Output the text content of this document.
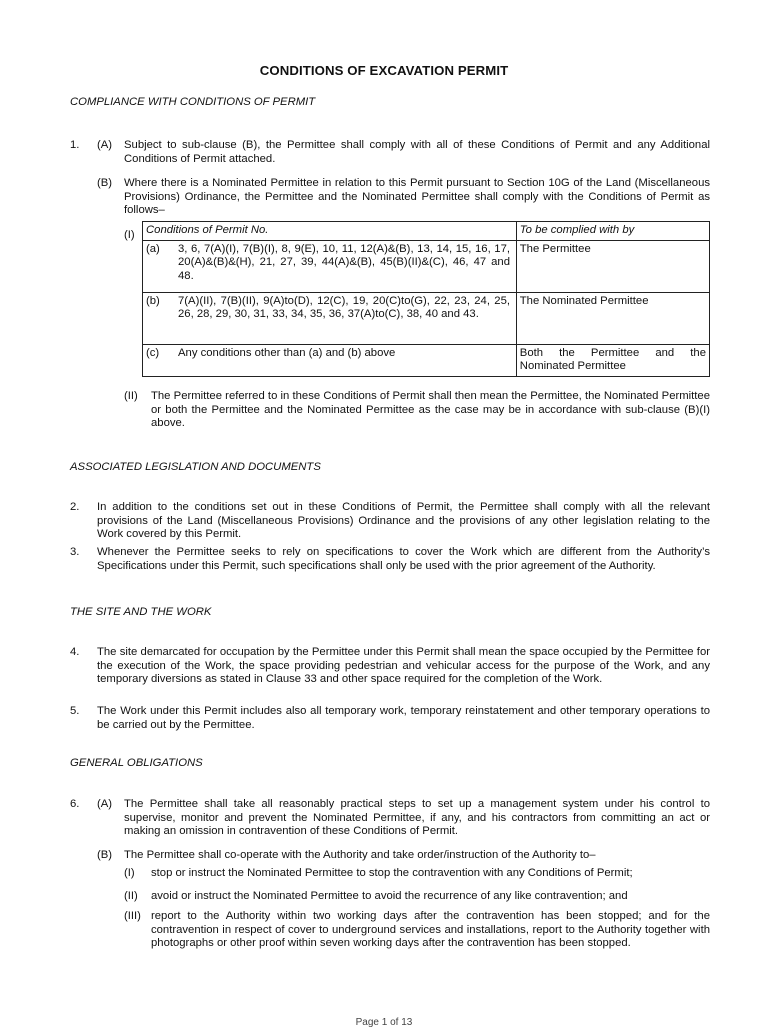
CONDITIONS OF EXCAVATION PERMIT
COMPLIANCE WITH CONDITIONS OF PERMIT
1. (A) Subject to sub-clause (B), the Permittee shall comply with all of these Conditions of Permit and any Additional Conditions of Permit attached.
(B) Where there is a Nominated Permittee in relation to this Permit pursuant to Section 10G of the Land (Miscellaneous Provisions) Ordinance, the Permittee and the Nominated Permittee shall comply with the Conditions of Permit as follows–
(I) Conditions of Permit No.	To be complied with by
(a) 3, 6, 7(A)(I), 7(B)(I), 8, 9(E), 10, 11, 12(A)&(B), 13, 14, 15, 16, 17, 20(A)&(B)&(H), 21, 27, 39, 44(A)&(B), 45(B)(II)&(C), 46, 47 and 48.	The Permittee
(b) 7(A)(II), 7(B)(II), 9(A)to(D), 12(C), 19, 20(C)to(G), 22, 23, 24, 25, 26, 28, 29, 30, 31, 33, 34, 35, 36, 37(A)to(C), 38, 40 and 43.	The Nominated Permittee
(c) Any conditions other than (a) and (b) above	Both the Permittee and the Nominated Permittee
(II) The Permittee referred to in these Conditions of Permit shall then mean the Permittee, the Nominated Permittee or both the Permittee and the Nominated Permittee as the case may be in accordance with sub-clause (B)(I) above.
ASSOCIATED LEGISLATION AND DOCUMENTS
2. In addition to the conditions set out in these Conditions of Permit, the Permittee shall comply with all the relevant provisions of the Land (Miscellaneous Provisions) Ordinance and the provisions of any other legislation relating to the Work covered by this Permit.
3. Whenever the Permittee seeks to rely on specifications to cover the Work which are different from the Authority’s Specifications under this Permit, such specifications shall only be used with the prior agreement of the Authority.
THE SITE AND THE WORK
4. The site demarcated for occupation by the Permittee under this Permit shall mean the space occupied by the Permittee for the execution of the Work, the space providing pedestrian and vehicular access for the purpose of the Work, and any temporary diversions as stated in Clause 33 and other space required for the completion of the Work.
5. The Work under this Permit includes also all temporary work, temporary reinstatement and other temporary operations to be carried out by the Permittee.
GENERAL OBLIGATIONS
6. (A) The Permittee shall take all reasonably practical steps to set up a management system under his control to supervise, monitor and prevent the Nominated Permittee, if any, and his contractors from committing an act or making an omission in contravention of these Conditions of Permit.
(B) The Permittee shall co-operate with the Authority and take order/instruction of the Authority to–
(I) stop or instruct the Nominated Permittee to stop the contravention with any Conditions of Permit;
(II) avoid or instruct the Nominated Permittee to avoid the recurrence of any like contravention; and
(III) report to the Authority within two working days after the contravention has been stopped; and for the contravention in respect of cover to underground services and installations, report to the Authority together with photographs or other proof within seven working days after the contravention has been stopped.
Page 1 of 13
